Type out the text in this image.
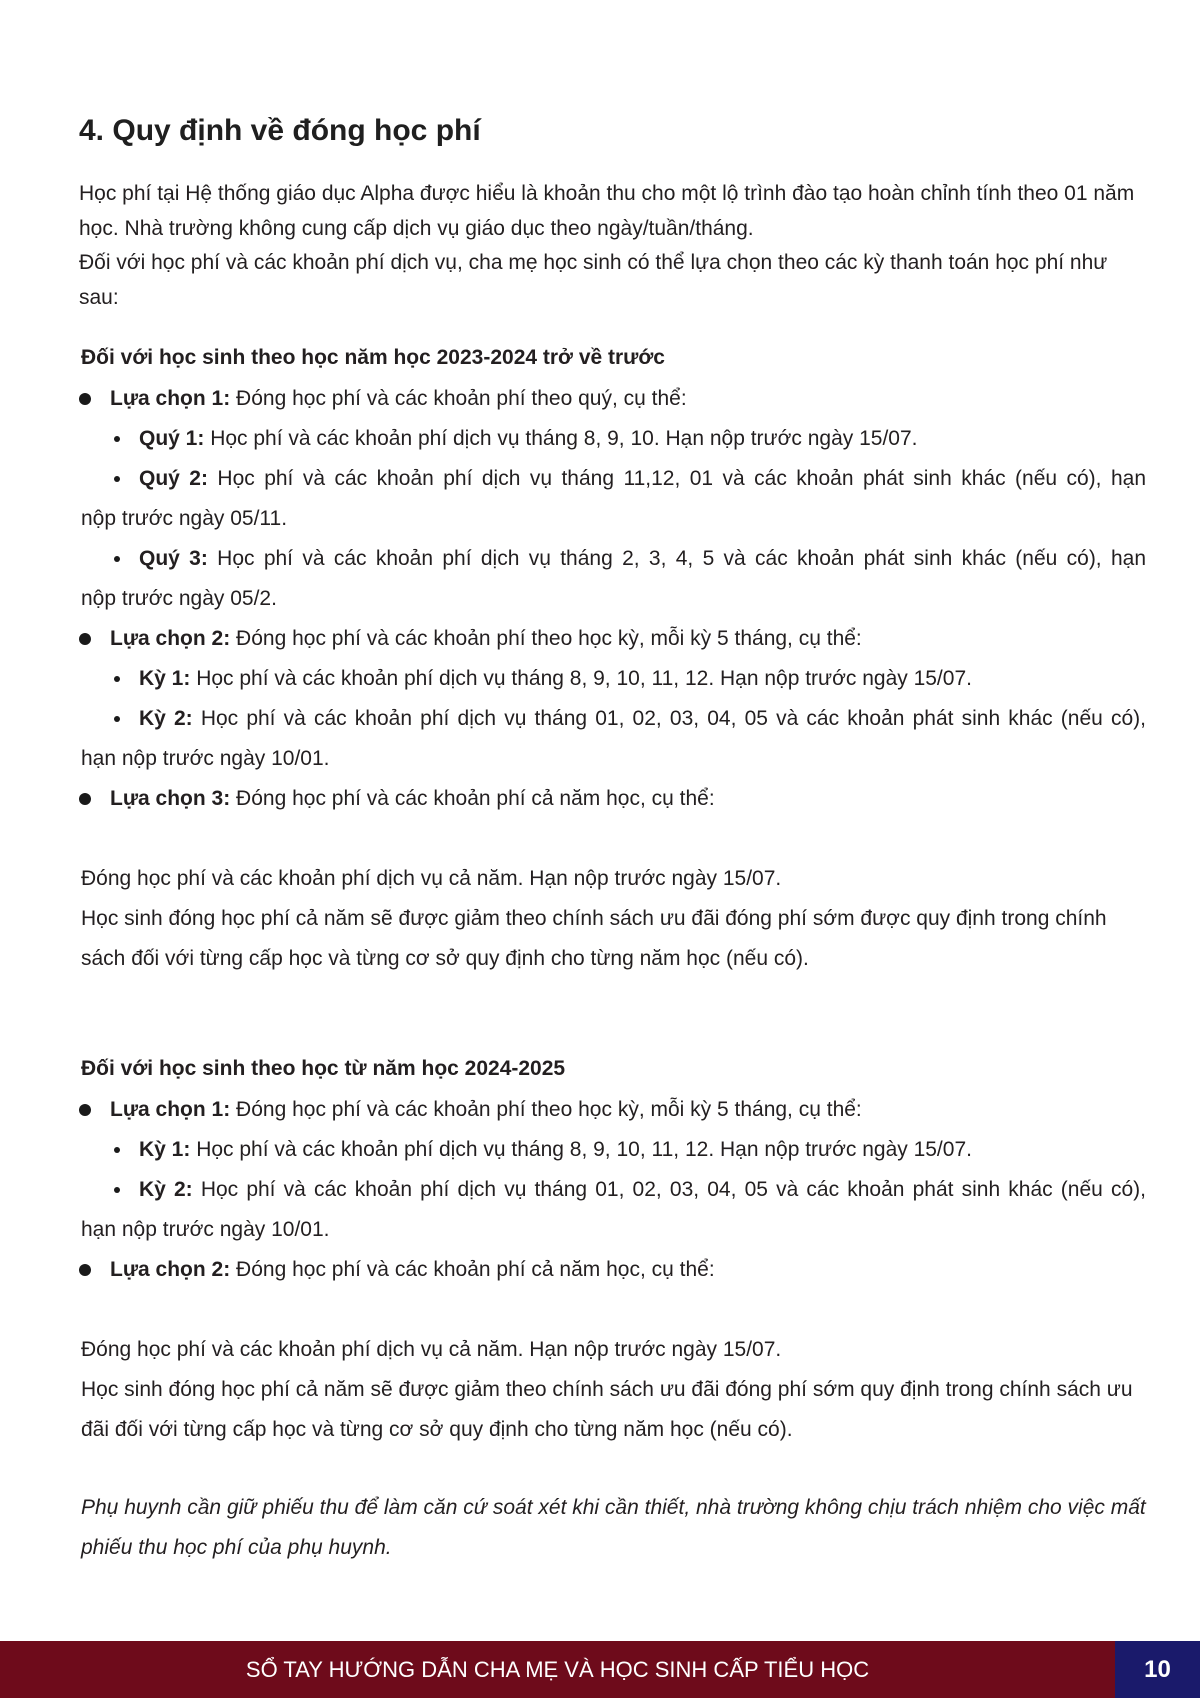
4. Quy định về đóng học phí

Học phí tại Hệ thống giáo dục Alpha được hiểu là khoản thu cho một lộ trình đào tạo hoàn chỉnh tính theo 01 năm học. Nhà trường không cung cấp dịch vụ giáo dục theo ngày/tuần/tháng.

Đối với học phí và các khoản phí dịch vụ, cha mẹ học sinh có thể lựa chọn theo các kỳ thanh toán học phí như sau:

Đối với học sinh theo học năm học 2023-2024 trở về trước
Lựa chọn 1: Đóng học phí và các khoản phí theo quý, cụ thể:
Quý 1: Học phí và các khoản phí dịch vụ tháng 8, 9, 10. Hạn nộp trước ngày 15/07.
Quý 2: Học phí và các khoản phí dịch vụ tháng 11,12, 01 và các khoản phát sinh khác (nếu có), hạn
nộp trước ngày 05/11.
Quý 3: Học phí và các khoản phí dịch vụ tháng 2, 3, 4, 5 và các khoản phát sinh khác (nếu có), hạn
nộp trước ngày 05/2.
Lựa chọn 2: Đóng học phí và các khoản phí theo học kỳ, mỗi kỳ 5 tháng, cụ thể:
Kỳ 1: Học phí và các khoản phí dịch vụ tháng 8, 9, 10, 11, 12. Hạn nộp trước ngày 15/07.
Kỳ 2: Học phí và các khoản phí dịch vụ tháng 01, 02, 03, 04, 05 và các khoản phát sinh khác (nếu có),
hạn nộp trước ngày 10/01.
Lựa chọn 3: Đóng học phí và các khoản phí cả năm học, cụ thể:

Đóng học phí và các khoản phí dịch vụ cả năm. Hạn nộp trước ngày 15/07.

Học sinh đóng học phí cả năm sẽ được giảm theo chính sách ưu đãi đóng phí sớm được quy định trong chính sách đối với từng cấp học và từng cơ sở quy định cho từng năm học (nếu có).

Đối với học sinh theo học từ năm học 2024-2025
Lựa chọn 1: Đóng học phí và các khoản phí theo học kỳ, mỗi kỳ 5 tháng, cụ thể:
Kỳ 1: Học phí và các khoản phí dịch vụ tháng 8, 9, 10, 11, 12. Hạn nộp trước ngày 15/07.
Kỳ 2: Học phí và các khoản phí dịch vụ tháng 01, 02, 03, 04, 05 và các khoản phát sinh khác (nếu có),
hạn nộp trước ngày 10/01.
Lựa chọn 2: Đóng học phí và các khoản phí cả năm học, cụ thể:

Đóng học phí và các khoản phí dịch vụ cả năm. Hạn nộp trước ngày 15/07.

Học sinh đóng học phí cả năm sẽ được giảm theo chính sách ưu đãi đóng phí sớm quy định trong chính sách ưu đãi đối với từng cấp học và từng cơ sở quy định cho từng năm học (nếu có).

Phụ huynh cần giữ phiếu thu để làm căn cứ soát xét khi cần thiết, nhà trường không chịu trách nhiệm cho việc mất phiếu thu học phí của phụ huynh.

SỔ TAY HƯỚNG DẪN CHA MẸ VÀ HỌC SINH CẤP TIỂU HỌC	10
